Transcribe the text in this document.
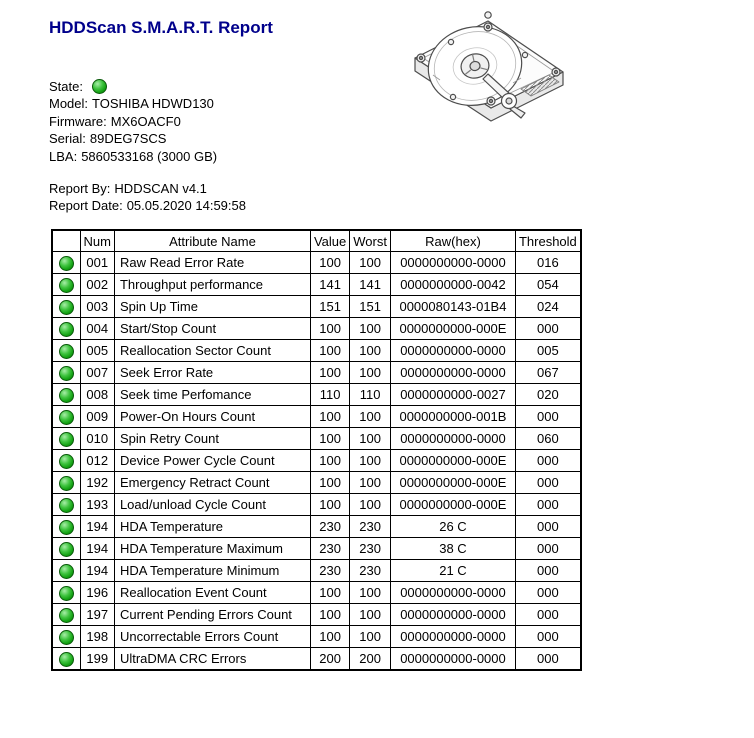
HDDScan S.M.A.R.T. Report
State:
Model: TOSHIBA HDWD130
Firmware: MX6OACF0
Serial: 89DEG7SCS
LBA: 5860533168 (3000 GB)
Report By: HDDSCAN v4.1
Report Date: 05.05.2020 14:59:58
	Num	Attribute Name	Value	Worst	Raw(hex)	Threshold
	001	Raw Read Error Rate	100	100	0000000000-0000	016
	002	Throughput performance	141	141	0000000000-0042	054
	003	Spin Up Time	151	151	0000080143-01B4	024
	004	Start/Stop Count	100	100	0000000000-000E	000
	005	Reallocation Sector Count	100	100	0000000000-0000	005
	007	Seek Error Rate	100	100	0000000000-0000	067
	008	Seek time Perfomance	110	110	0000000000-0027	020
	009	Power-On Hours Count	100	100	0000000000-001B	000
	010	Spin Retry Count	100	100	0000000000-0000	060
	012	Device Power Cycle Count	100	100	0000000000-000E	000
	192	Emergency Retract Count	100	100	0000000000-000E	000
	193	Load/unload Cycle Count	100	100	0000000000-000E	000
	194	HDA Temperature	230	230	26 C	000
	194	HDA Temperature Maximum	230	230	38 C	000
	194	HDA Temperature Minimum	230	230	21 C	000
	196	Reallocation Event Count	100	100	0000000000-0000	000
	197	Current Pending Errors Count	100	100	0000000000-0000	000
	198	Uncorrectable Errors Count	100	100	0000000000-0000	000
	199	UltraDMA CRC Errors	200	200	0000000000-0000	000
